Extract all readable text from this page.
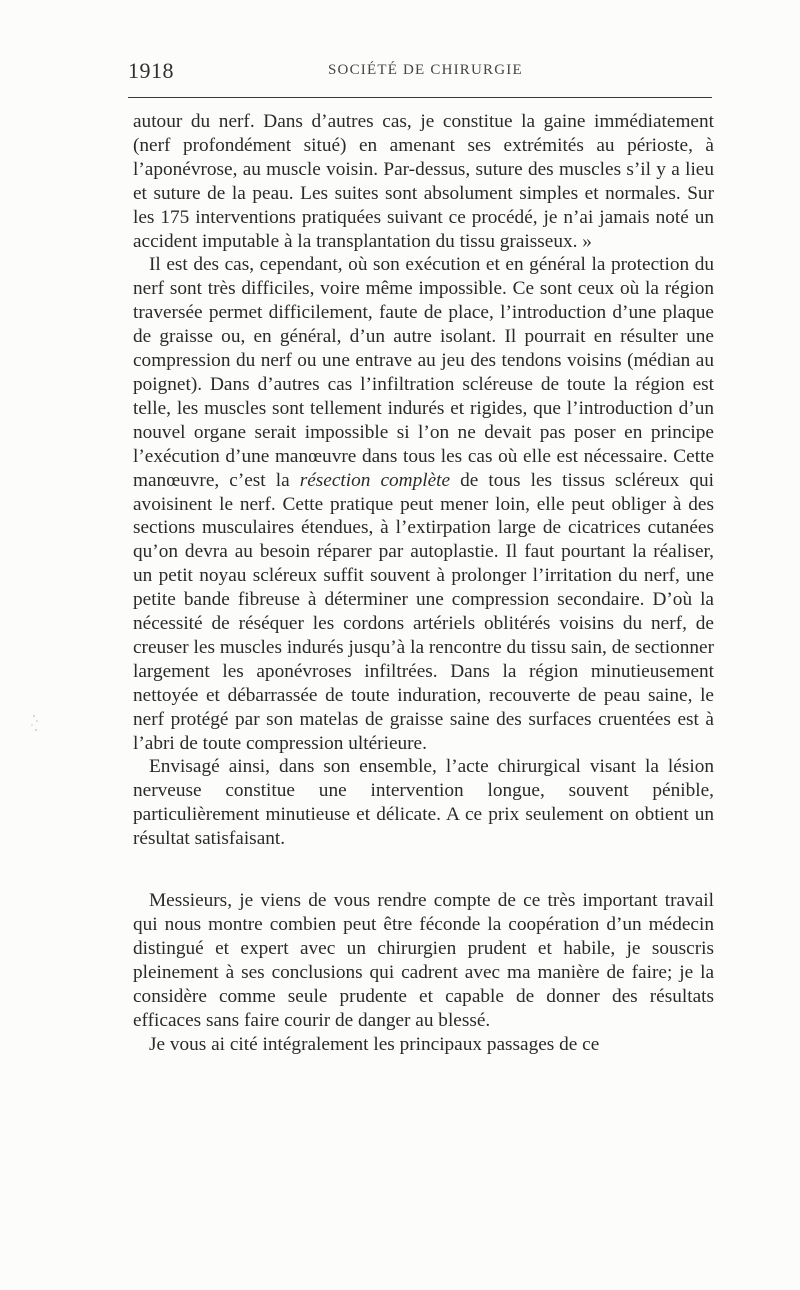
1918	SOCIÉTÉ DE CHIRURGIE

autour du nerf. Dans d’autres cas, je constitue la gaine immédiatement (nerf profondément situé) en amenant ses extrémités au périoste, à l’aponévrose, au muscle voisin. Par-dessus, suture des muscles s’il y a lieu et suture de la peau. Les suites sont absolument simples et normales. Sur les 175 interventions pratiquées suivant ce procédé, je n’ai jamais noté un accident imputable à la transplantation du tissu graisseux. »

Il est des cas, cependant, où son exécution et en général la protection du nerf sont très difficiles, voire même impossible. Ce sont ceux où la région traversée permet difficilement, faute de place, l’introduction d’une plaque de graisse ou, en général, d’un autre isolant. Il pourrait en résulter une compression du nerf ou une entrave au jeu des tendons voisins (médian au poignet). Dans d’autres cas l’infiltration scléreuse de toute la région est telle, les muscles sont tellement indurés et rigides, que l’introduction d’un nouvel organe serait impossible si l’on ne devait pas poser en principe l’exécution d’une manœuvre dans tous les cas où elle est nécessaire. Cette manœuvre, c’est la résection complète de tous les tissus scléreux qui avoisinent le nerf. Cette pratique peut mener loin, elle peut obliger à des sections musculaires étendues, à l’extirpation large de cicatrices cutanées qu’on devra au besoin réparer par autoplastie. Il faut pourtant la réaliser, un petit noyau scléreux suffit souvent à prolonger l’irritation du nerf, une petite bande fibreuse à déterminer une compression secondaire. D’où la nécessité de réséquer les cordons artériels oblitérés voisins du nerf, de creuser les muscles indurés jusqu’à la rencontre du tissu sain, de sectionner largement les aponévroses infiltrées. Dans la région minutieusement nettoyée et débarrassée de toute induration, recouverte de peau saine, le nerf protégé par son matelas de graisse saine des surfaces cruentées est à l’abri de toute compression ultérieure.

Envisagé ainsi, dans son ensemble, l’acte chirurgical visant la lésion nerveuse constitue une intervention longue, souvent pénible, particulièrement minutieuse et délicate. A ce prix seulement on obtient un résultat satisfaisant.

Messieurs, je viens de vous rendre compte de ce très important travail qui nous montre combien peut être féconde la coopération d’un médecin distingué et expert avec un chirurgien prudent et habile, je souscris pleinement à ses conclusions qui cadrent avec ma manière de faire; je la considère comme seule prudente et capable de donner des résultats efficaces sans faire courir de danger au blessé.

Je vous ai cité intégralement les principaux passages de ce
